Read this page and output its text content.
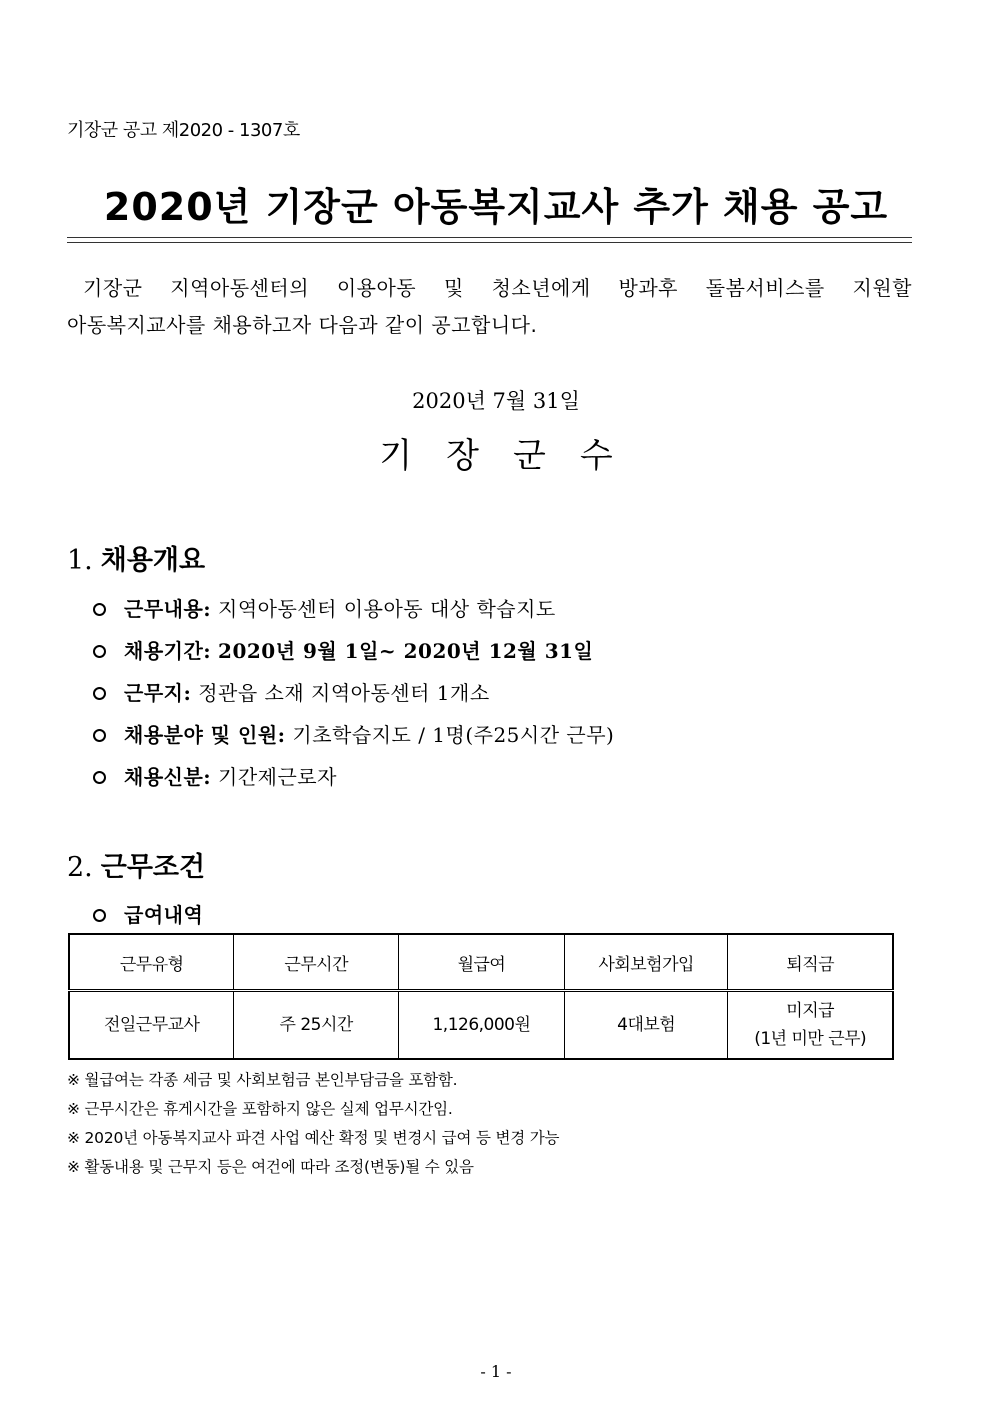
기장군 공고 제2020 - 1307호
2020년 기장군 아동복지교사 추가 채용 공고
기장군 지역아동센터의 이용아동 및 청소년에게 방과후 돌봄서비스를 지원할
아동복지교사를 채용하고자 다음과 같이 공고합니다.
2020년 7월 31일
기장군수
1. 채용개요
근무내용: 지역아동센터 이용아동 대상 학습지도
채용기간: 2020년 9월 1일~ 2020년 12월 31일
근무지: 정관읍 소재 지역아동센터 1개소
채용분야 및 인원: 기초학습지도 / 1명(주25시간 근무)
채용신분: 기간제근로자
2. 근무조건
급여내역
근무유형	근무시간	월급여	사회보험가입	퇴직금
전일근무교사	주 25시간	1,126,000원	4대보험	미지급
(1년 미만 근무)
※ 월급여는 각종 세금 및 사회보험금 본인부담금을 포함함.
※ 근무시간은 휴게시간을 포함하지 않은 실제 업무시간임.
※ 2020년 아동복지교사 파견 사업 예산 확정 및 변경시 급여 등 변경 가능
※ 활동내용 및 근무지 등은 여건에 따라 조정(변동)될 수 있음
- 1 -
